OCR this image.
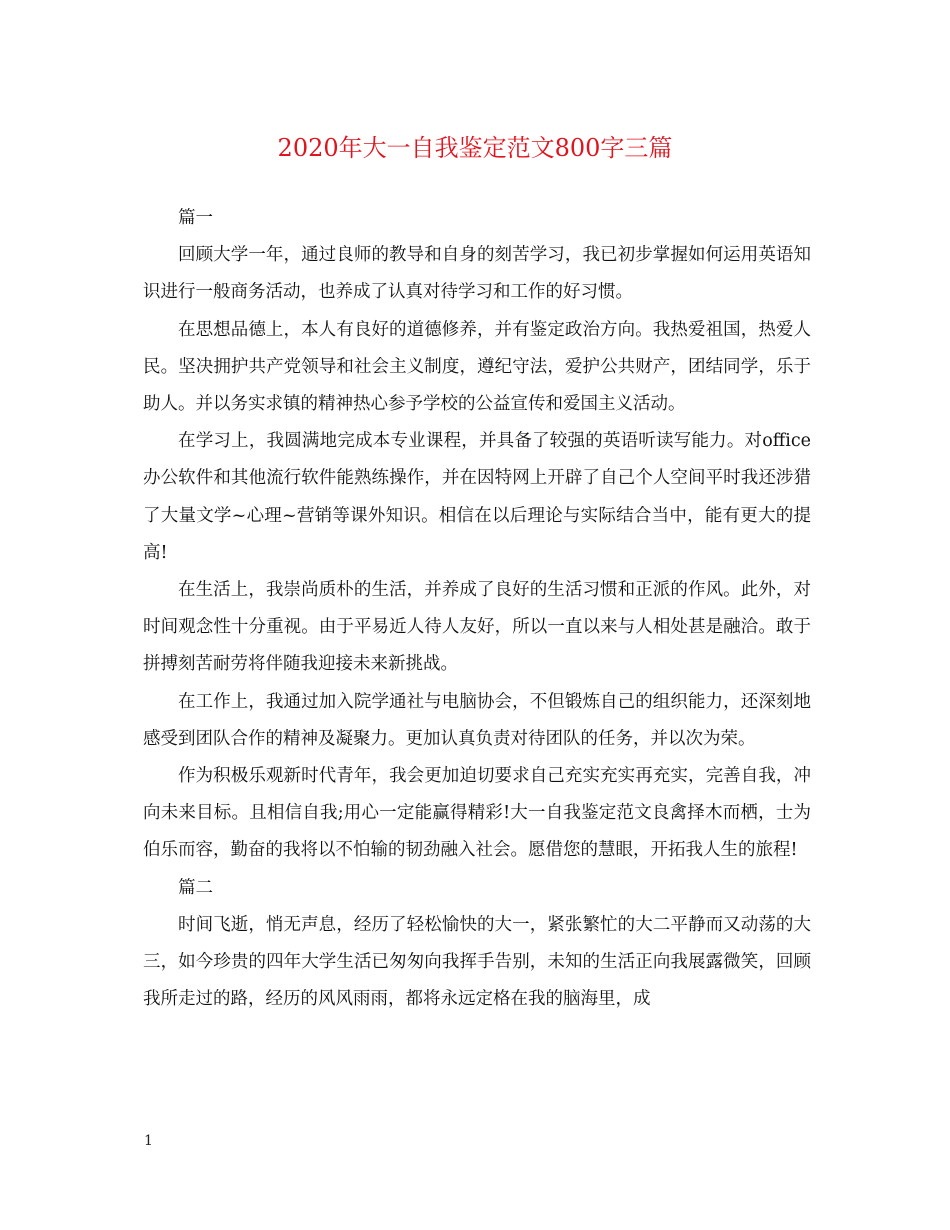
2020年大一自我鉴定范文800字三篇

篇一

回顾大学一年，通过良师的教导和自身的刻苦学习，我已初步掌握如何运用英语知识进行一般商务活动，也养成了认真对待学习和工作的好习惯。

在思想品德上，本人有良好的道德修养，并有鉴定政治方向。我热爱祖国，热爱人民。坚决拥护共产党领导和社会主义制度，遵纪守法，爱护公共财产，团结同学，乐于助人。并以务实求镇的精神热心参予学校的公益宣传和爱国主义活动。

在学习上，我圆满地完成本专业课程，并具备了较强的英语听读写能力。对office办公软件和其他流行软件能熟练操作，并在因特网上开辟了自己个人空间平时我还涉猎了大量文学~心理~营销等课外知识。相信在以后理论与实际结合当中，能有更大的提高!

在生活上，我崇尚质朴的生活，并养成了良好的生活习惯和正派的作风。此外，对时间观念性十分重视。由于平易近人待人友好，所以一直以来与人相处甚是融洽。敢于拼搏刻苦耐劳将伴随我迎接未来新挑战。

在工作上，我通过加入院学通社与电脑协会，不但锻炼自己的组织能力，还深刻地感受到团队合作的精神及凝聚力。更加认真负责对待团队的任务，并以次为荣。

作为积极乐观新时代青年，我会更加迫切要求自己充实充实再充实，完善自我，冲向未来目标。且相信自我;用心一定能赢得精彩!大一自我鉴定范文良禽择木而栖，士为伯乐而容，勤奋的我将以不怕输的韧劲融入社会。愿借您的慧眼，开拓我人生的旅程!

篇二

时间飞逝，悄无声息，经历了轻松愉快的大一，紧张繁忙的大二平静而又动荡的大三，如今珍贵的四年大学生活已匆匆向我挥手告别，未知的生活正向我展露微笑，回顾我所走过的路，经历的风风雨雨，都将永远定格在我的脑海里，成

1
